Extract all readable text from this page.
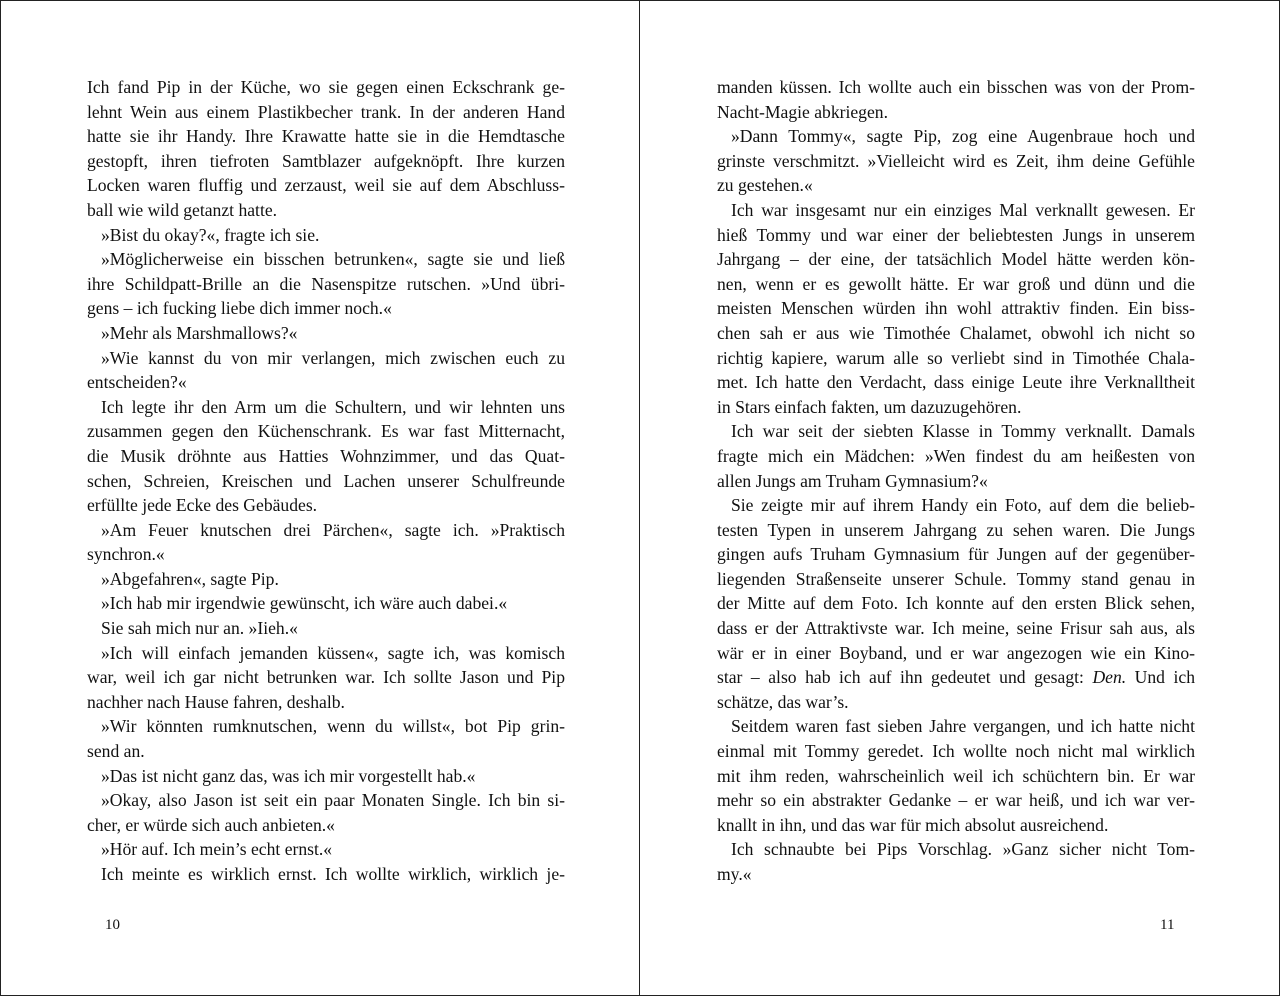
Ich fand Pip in der Küche, wo sie gegen einen Eckschrank ge-
lehnt Wein aus einem Plastikbecher trank. In der anderen Hand
hatte sie ihr Handy. Ihre Krawatte hatte sie in die Hemdtasche
gestopft, ihren tiefroten Samtblazer aufgeknöpft. Ihre kurzen
Locken waren fluffig und zerzaust, weil sie auf dem Abschluss-
ball wie wild getanzt hatte.
»Bist du okay?«, fragte ich sie.
»Möglicherweise ein bisschen betrunken«, sagte sie und ließ
ihre Schildpatt-Brille an die Nasenspitze rutschen. »Und übri-
gens – ich fucking liebe dich immer noch.«
»Mehr als Marshmallows?«
»Wie kannst du von mir verlangen, mich zwischen euch zu
entscheiden?«
Ich legte ihr den Arm um die Schultern, und wir lehnten uns
zusammen gegen den Küchenschrank. Es war fast Mitternacht,
die Musik dröhnte aus Hatties Wohnzimmer, und das Quat-
schen, Schreien, Kreischen und Lachen unserer Schulfreunde
erfüllte jede Ecke des Gebäudes.
»Am Feuer knutschen drei Pärchen«, sagte ich. »Praktisch
synchron.«
»Abgefahren«, sagte Pip.
»Ich hab mir irgendwie gewünscht, ich wäre auch dabei.«
Sie sah mich nur an. »Iieh.«
»Ich will einfach jemanden küssen«, sagte ich, was komisch
war, weil ich gar nicht betrunken war. Ich sollte Jason und Pip
nachher nach Hause fahren, deshalb.
»Wir könnten rumknutschen, wenn du willst«, bot Pip grin-
send an.
»Das ist nicht ganz das, was ich mir vorgestellt hab.«
»Okay, also Jason ist seit ein paar Monaten Single. Ich bin si-
cher, er würde sich auch anbieten.«
»Hör auf. Ich mein’s echt ernst.«
Ich meinte es wirklich ernst. Ich wollte wirklich, wirklich je-
10
manden küssen. Ich wollte auch ein bisschen was von der Prom-
Nacht-Magie abkriegen.
»Dann Tommy«, sagte Pip, zog eine Augenbraue hoch und
grinste verschmitzt. »Vielleicht wird es Zeit, ihm deine Gefühle
zu gestehen.«
Ich war insgesamt nur ein einziges Mal verknallt gewesen. Er
hieß Tommy und war einer der beliebtesten Jungs in unserem
Jahrgang – der eine, der tatsächlich Model hätte werden kön-
nen, wenn er es gewollt hätte. Er war groß und dünn und die
meisten Menschen würden ihn wohl attraktiv finden. Ein biss-
chen sah er aus wie Timothée Chalamet, obwohl ich nicht so
richtig kapiere, warum alle so verliebt sind in Timothée Chala-
met. Ich hatte den Verdacht, dass einige Leute ihre Verknalltheit
in Stars einfach fakten, um dazuzugehören.
Ich war seit der siebten Klasse in Tommy verknallt. Damals
fragte mich ein Mädchen: »Wen findest du am heißesten von
allen Jungs am Truham Gymnasium?«
Sie zeigte mir auf ihrem Handy ein Foto, auf dem die belieb-
testen Typen in unserem Jahrgang zu sehen waren. Die Jungs
gingen aufs Truham Gymnasium für Jungen auf der gegenüber-
liegenden Straßenseite unserer Schule. Tommy stand genau in
der Mitte auf dem Foto. Ich konnte auf den ersten Blick sehen,
dass er der Attraktivste war. Ich meine, seine Frisur sah aus, als
wär er in einer Boyband, und er war angezogen wie ein Kino-
star – also hab ich auf ihn gedeutet und gesagt: Den. Und ich
schätze, das war’s.
Seitdem waren fast sieben Jahre vergangen, und ich hatte nicht
einmal mit Tommy geredet. Ich wollte noch nicht mal wirklich
mit ihm reden, wahrscheinlich weil ich schüchtern bin. Er war
mehr so ein abstrakter Gedanke – er war heiß, und ich war ver-
knallt in ihn, und das war für mich absolut ausreichend.
Ich schnaubte bei Pips Vorschlag. »Ganz sicher nicht Tom-
my.«
11
